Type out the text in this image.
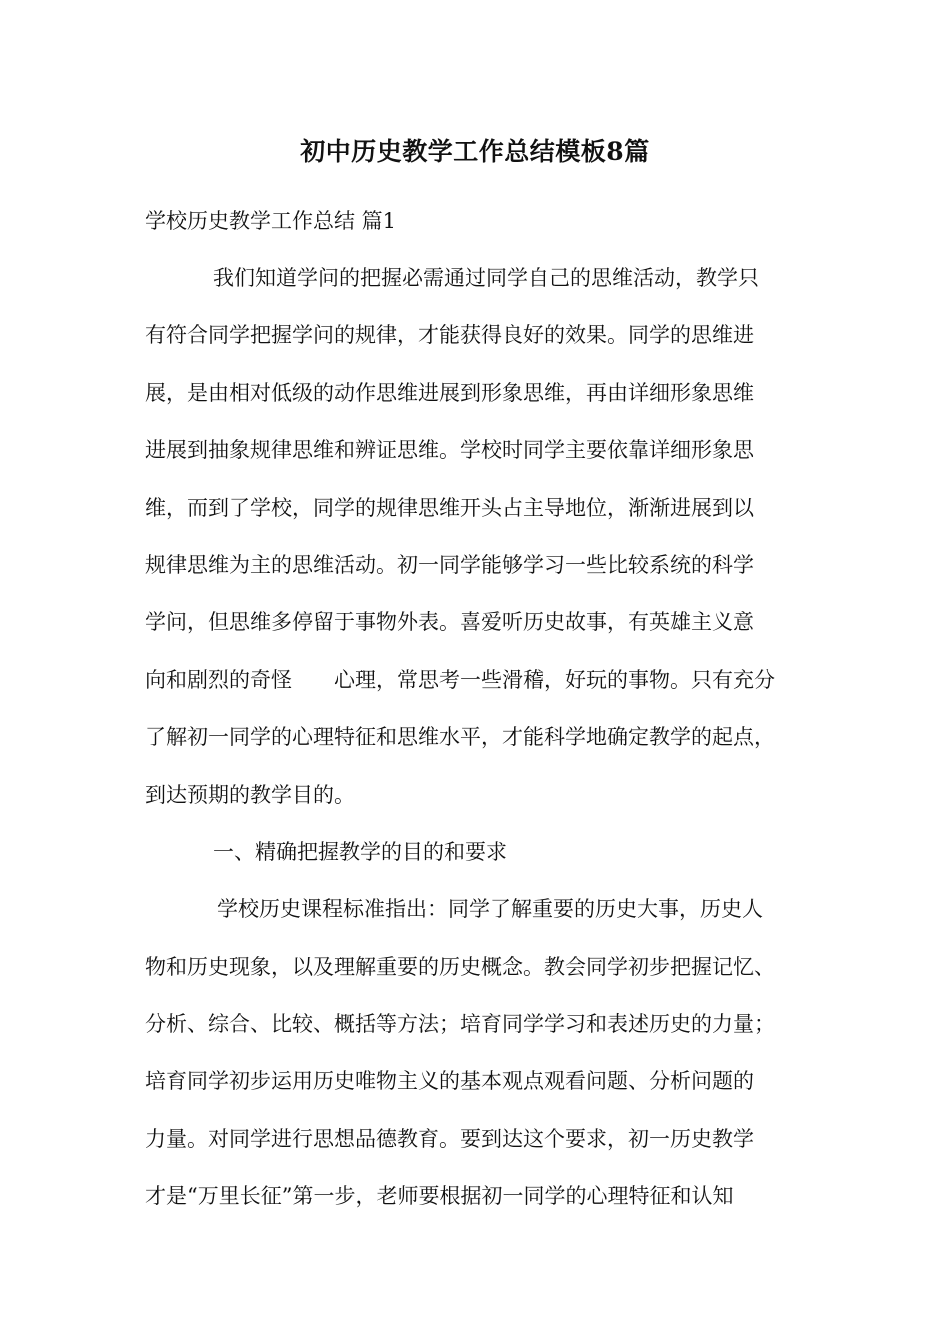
初中历史教学工作总结模板8篇
学校历史教学工作总结 篇1
我们知道学问的把握必需通过同学自己的思维活动，教学只
有符合同学把握学问的规律，才能获得良好的效果。同学的思维进
展，是由相对低级的动作思维进展到形象思维，再由详细形象思维
进展到抽象规律思维和辨证思维。学校时同学主要依靠详细形象思
维，而到了学校，同学的规律思维开头占主导地位，渐渐进展到以
规律思维为主的思维活动。初一同学能够学习一些比较系统的科学
学问，但思维多停留于事物外表。喜爱听历史故事，有英雄主义意
向和剧烈的奇怪　　心理，常思考一些滑稽，好玩的事物。只有充分
了解初一同学的心理特征和思维水平，才能科学地确定教学的起点，
到达预期的教学目的。
一、精确把握教学的目的和要求
学校历史课程标准指出：同学了解重要的历史大事，历史人
物和历史现象，以及理解重要的历史概念。教会同学初步把握记忆、
分析、综合、比较、概括等方法；培育同学学习和表述历史的力量；
培育同学初步运用历史唯物主义的基本观点观看问题、分析问题的
力量。对同学进行思想品德教育。要到达这个要求，初一历史教学
才是“万里长征”第一步，老师要根据初一同学的心理特征和认知
